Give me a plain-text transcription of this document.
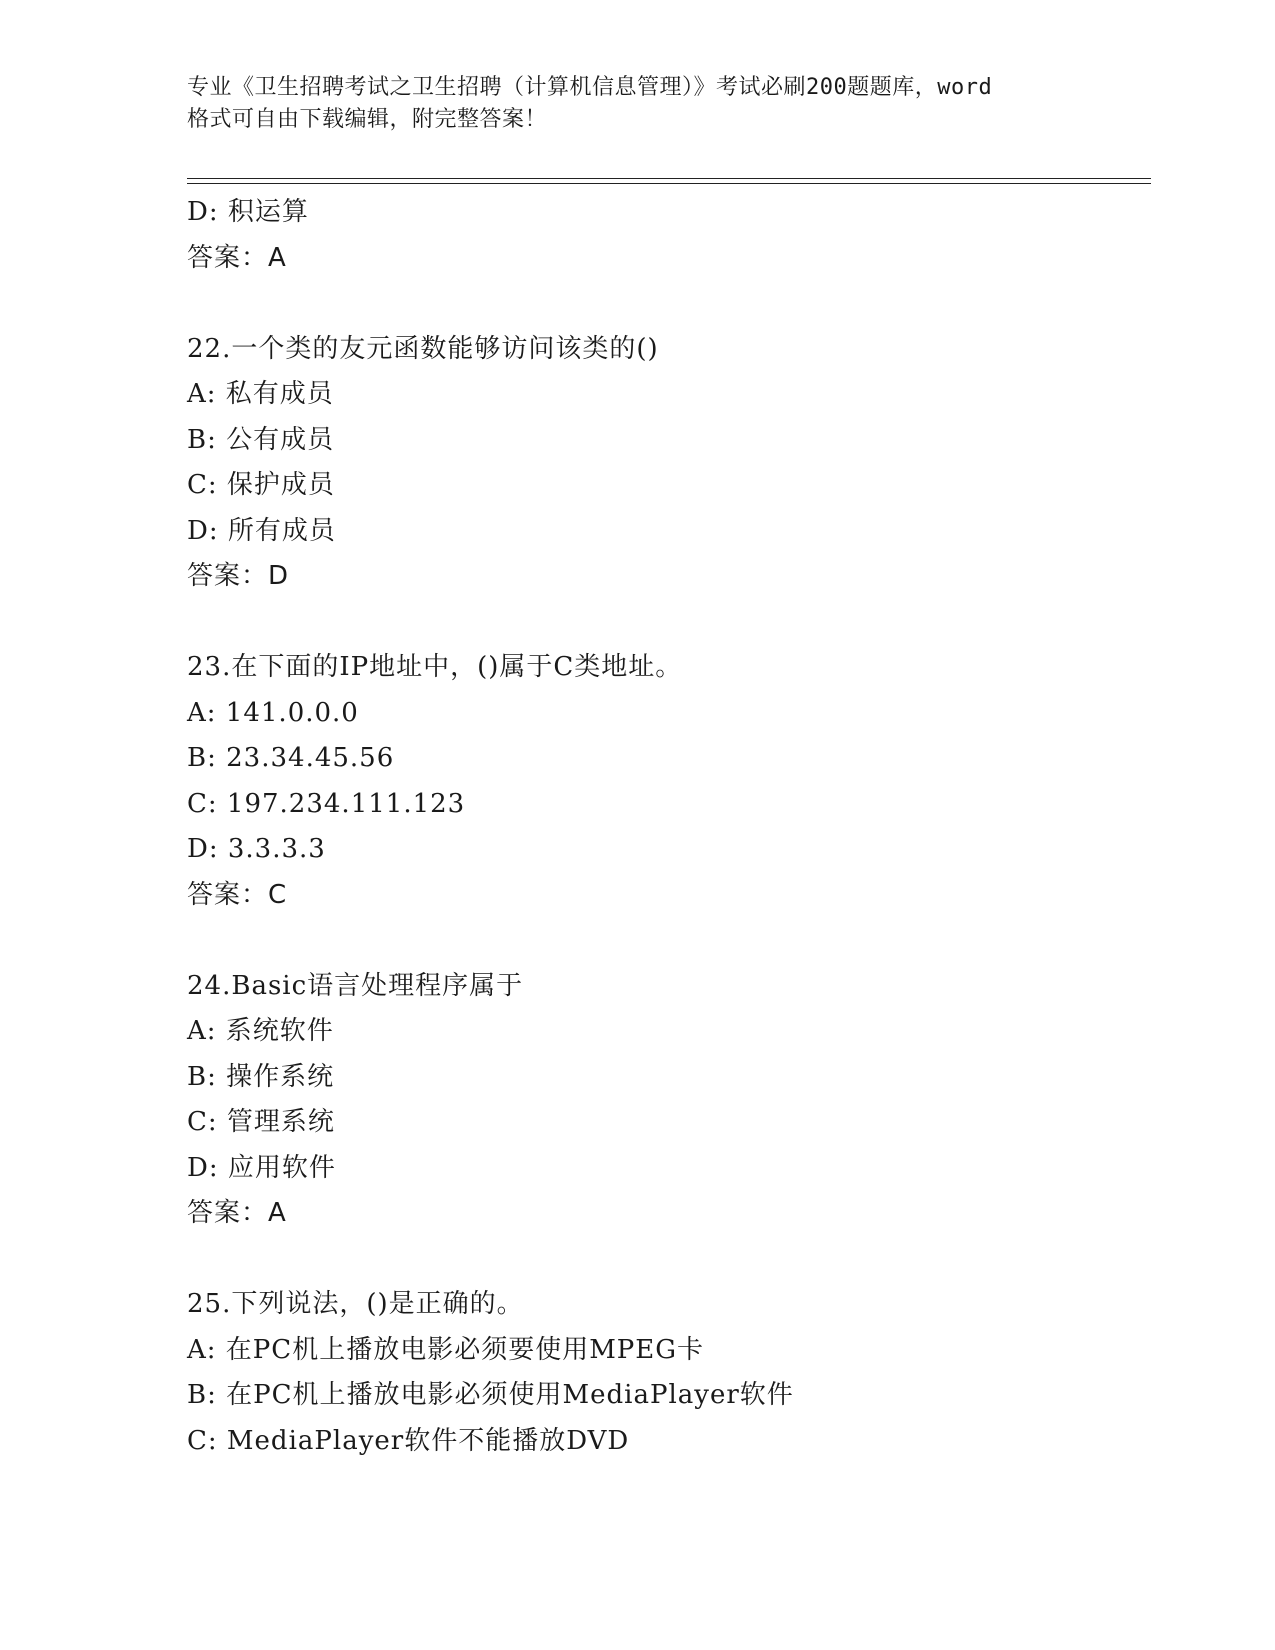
专业《卫生招聘考试之卫生招聘（计算机信息管理）》考试必刷200题题库，word

格式可自由下载编辑，附完整答案！

D: 积运算
答案：A
22.一个类的友元函数能够访问该类的()
A: 私有成员
B: 公有成员
C: 保护成员
D: 所有成员
答案：D
23.在下面的IP地址中，()属于C类地址。
A: 141.0.0.0
B: 23.34.45.56
C: 197.234.111.123
D: 3.3.3.3
答案：C
24.Basic语言处理程序属于
A: 系统软件
B: 操作系统
C: 管理系统
D: 应用软件
答案：A
25.下列说法，()是正确的。
A: 在PC机上播放电影必须要使用MPEG卡
B: 在PC机上播放电影必须使用MediaPlayer软件
C: MediaPlayer软件不能播放DVD
